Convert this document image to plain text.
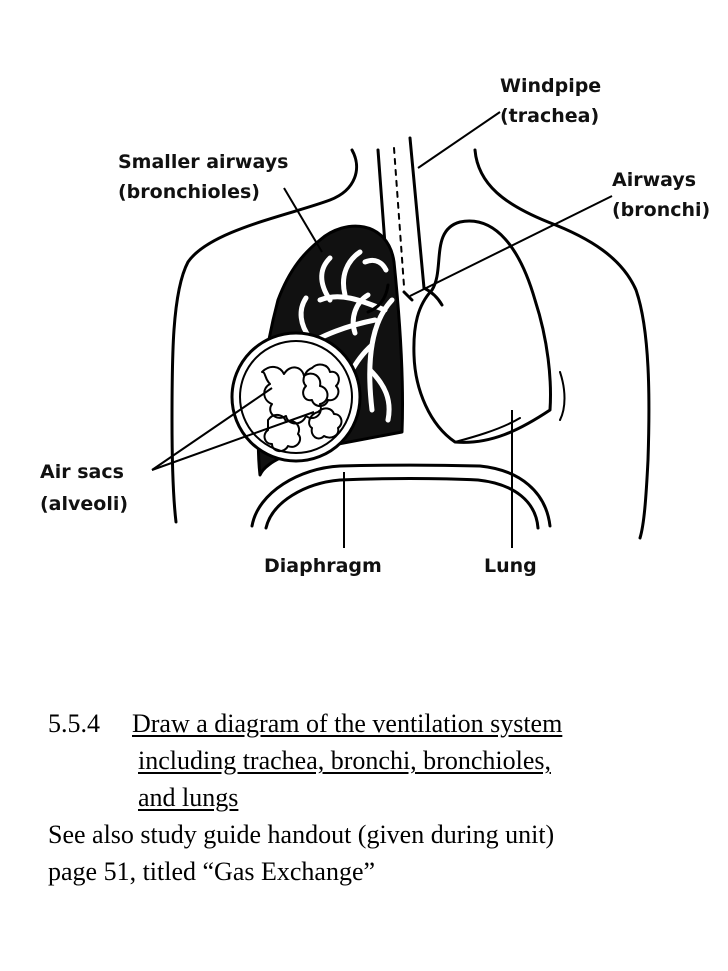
Windpipe
(trachea)
Smaller airways
(bronchioles)
Airways
(bronchi)
Air sacs
(alveoli)
Diaphragm	Lung
5.5.4 Draw a diagram of the ventilation system
including trachea, bronchi, bronchioles,
and lungs
See also study guide handout (given during unit)
page 51, titled “Gas Exchange”
